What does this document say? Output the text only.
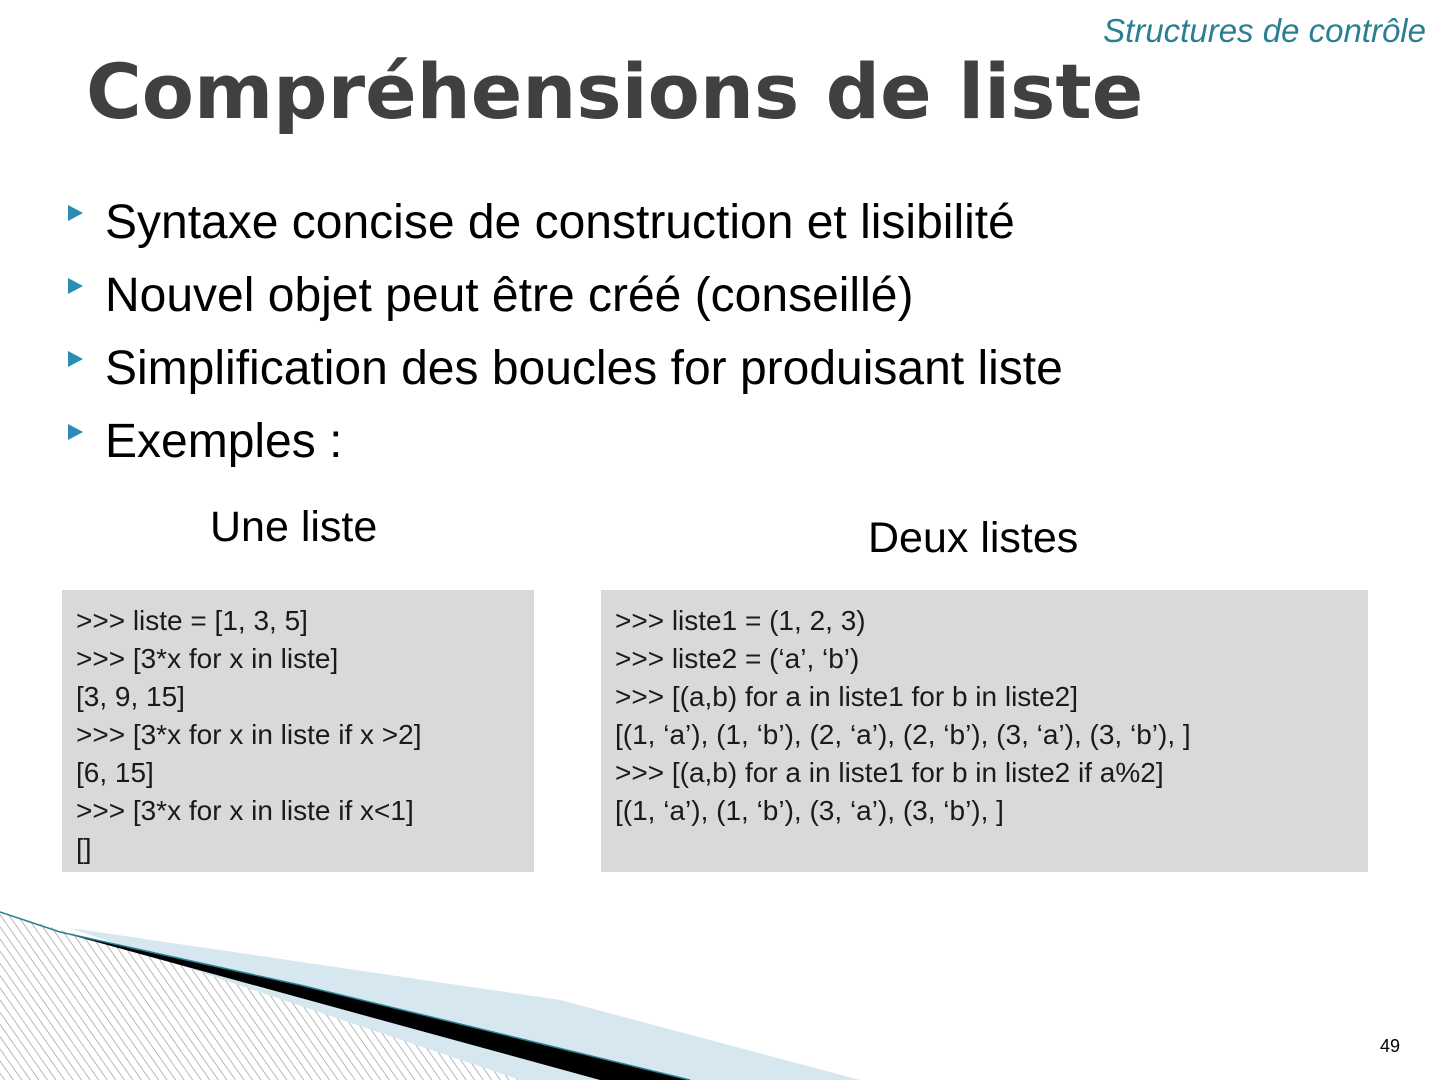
Structures de contrôle
Compréhensions de liste
Syntaxe concise de construction et lisibilité
Nouvel objet peut être créé (conseillé)
Simplification des boucles for produisant liste
Exemples :
Une liste	Deux listes
>>> liste = [1, 3, 5]
>>> [3*x for x in liste]
[3, 9, 15]
>>> [3*x for x in liste if x >2]
[6, 15]
>>> [3*x for x in liste if x<1]
[]
>>> liste1 = (1, 2, 3)
>>> liste2 = (‘a’, ‘b’)
>>> [(a,b) for a in liste1 for b in liste2]
[(1, ‘a’), (1, ‘b’), (2, ‘a’), (2, ‘b’), (3, ‘a’), (3, ‘b’), ]
>>> [(a,b) for a in liste1 for b in liste2 if a%2]
[(1, ‘a’), (1, ‘b’), (3, ‘a’), (3, ‘b’), ]
49
